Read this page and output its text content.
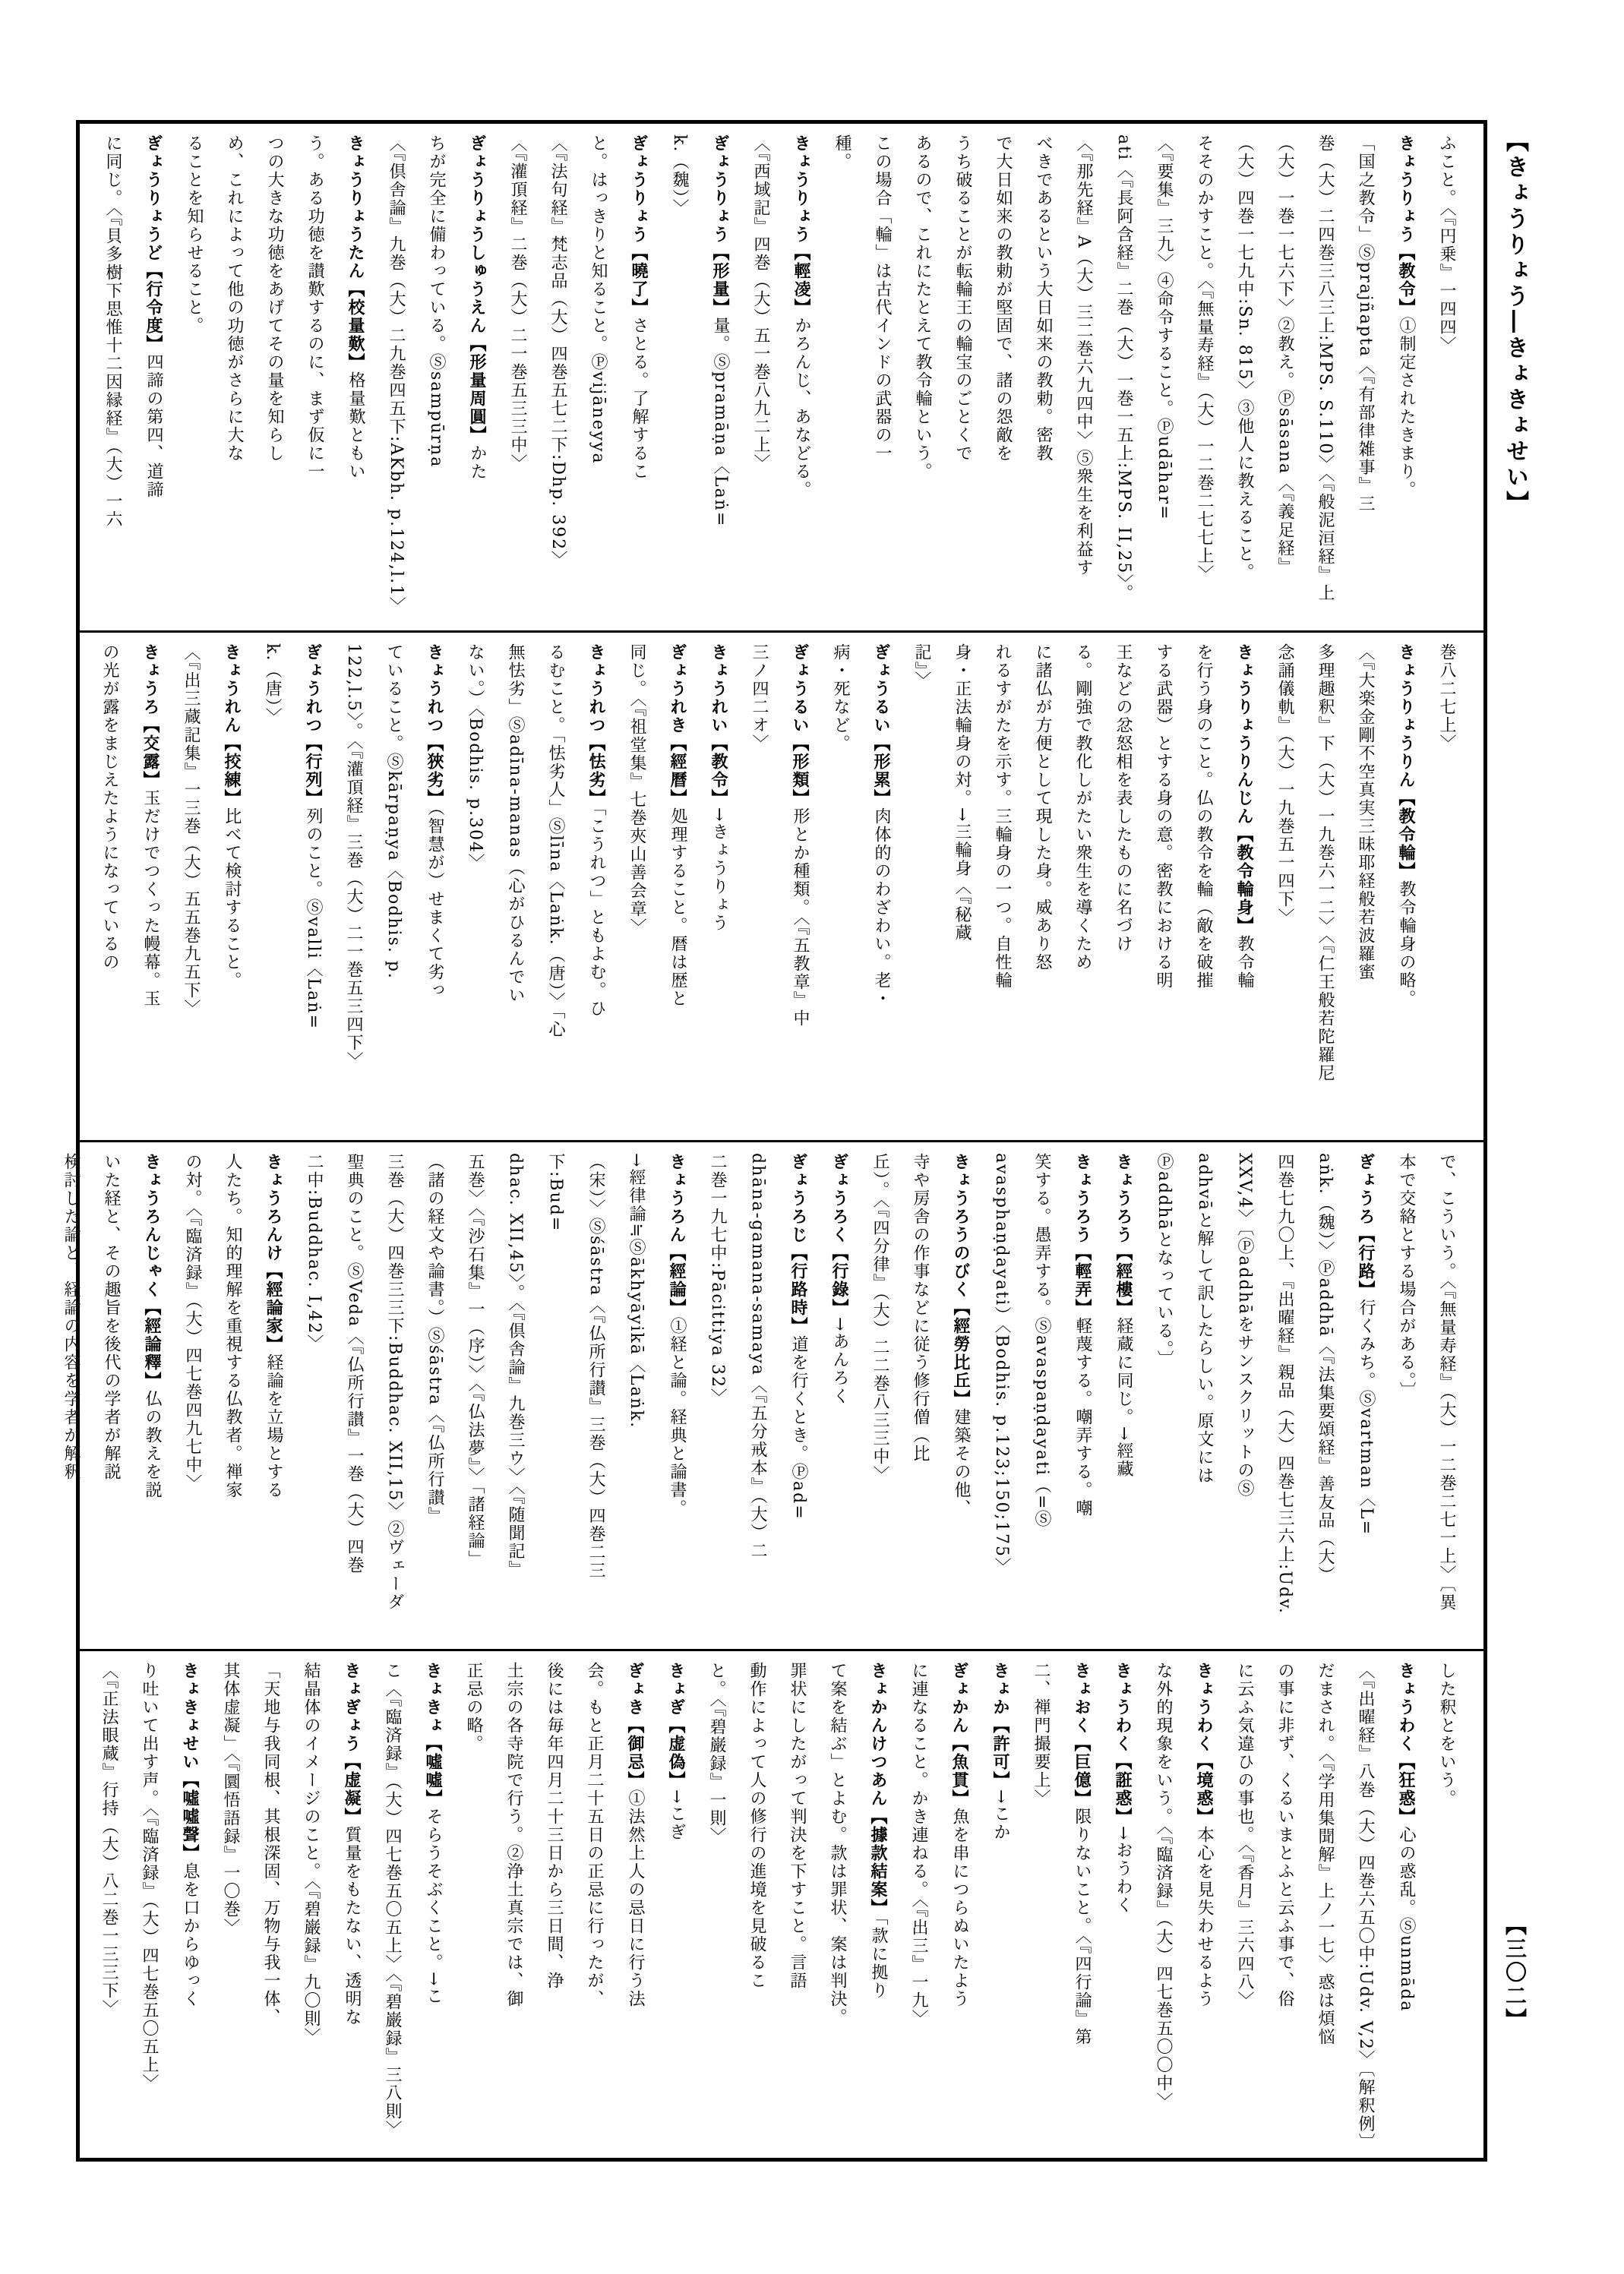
【きょうりょう―きょきょせい】
【三〇二】

ふこと。〈『円乗』一四四〉

きょうりょう【教令】①制定されたきまり。

「国之教令」Ⓢprajñapta〈『有部律雑事』三

巻（大）二四巻三八三上:MPS. S.110〉〈『般泥洹経』上

（大）一巻一七六下〉②教え。Ⓟsāsana〈『義足経』

（大）四巻一七九中:Sn. 815〉③他人に教えること。

そそのかすこと。〈『無量寿経』（大）一二巻二七七上〉

〈『要集』三九〉④命令すること。Ⓟudāhar=

ati〈『長阿含経』二巻（大）一巻一五上:MPS. II,25〉。

〈『那先経』A（大）三二巻六九四中〉⑤衆生を利益す

べきであるという大日如来の教勅。密教

で大日如来の教勅が堅固で、諸の怨敵を

うち破ることが転輪王の輪宝のごとくで

あるので、これにたとえて教令輪という。

この場合「輪」は古代インドの武器の一

種。

きょうりょう【輕凌】かろんじ、あなどる。

〈『西域記』四巻（大）五一巻八九二上〉

ぎょうりょう【形量】量。Ⓢpramāṇa〈Laṅ=

k.（魏）〉

ぎょうりょう【曉了】さとる。了解するこ

と。はっきりと知ること。Ⓟvijāneyya

〈『法句経』梵志品（大）四巻五七二下:Dhp. 392〉

〈『灌頂経』二巻（大）二一巻五三三中〉

ぎょうりょうしゅうえん【形量周圓】かた

ちが完全に備わっている。Ⓢsampūrṇa

〈『倶舎論』九巻（大）二九巻四五下:AKbh. p.124,l.1〉

きょうりょうたん【校量歎】格量歎ともい

う。ある功徳を讃歎するのに、まず仮に一

つの大きな功徳をあげてその量を知らし

め、これによって他の功徳がさらに大な

ることを知らせること。

ぎょうりょうど【行令度】四諦の第四、道諦

に同じ。〈『貝多樹下思惟十二因縁経』（大）一六

巻八二七上〉

きょうりょうりん【教令輪】教令輪身の略。

〈『大楽金剛不空真実三昧耶経般若波羅蜜

多理趣釈』下（大）一九巻六一二〉〈『仁王般若陀羅尼

念誦儀軌』（大）一九巻五一四下〉

きょうりょうりんじん【教令輪身】教令輪

を行う身のこと。仏の教令を輪（敵を破摧

する武器）とする身の意。密教における明

王などの忿怒相を表したものに名づけ

る。剛強で教化しがたい衆生を導くため

に諸仏が方便として現した身。威あり怒

れるすがたを示す。三輪身の一つ。自性輪

身・正法輪身の対。→三輪身〈『秘蔵

記』〉

ぎょうるい【形累】肉体的のわざわい。老・

病・死など。

ぎょうるい【形類】形とか種類。〈『五教章』中

三ノ四二オ〉

きょうれい【教令】→きょうりょう

ぎょうれき【經曆】処理すること。暦は歴と

同じ。〈『祖堂集』七巻夾山善会章〉

きょうれつ【怯劣】「こうれつ」ともよむ。ひ

るむこと。「怯劣人」Ⓢlīna〈Laṅk.（唐）〉「心

無怯劣」Ⓢadīna-manas（心がひるんでい

ない。）〈Bodhis. p.304〉

きょうれつ【狹劣】（智慧が）せまくて劣っ

ていること。Ⓢkārpaṇya〈Bodhis. p.

122,l.5〉。〈『灌頂経』三巻（大）二一巻五三四下〉

ぎょうれつ【行列】列のこと。Ⓢvalli〈Laṅ=

k.（唐）〉

きょうれん【挍練】比べて検討すること。

〈『出三蔵記集』一三巻（大）五五巻九五下〉

きょうろ【交露】玉だけでつくった幔幕。玉

の光が露をまじえたようになっているの

で、こういう。〈『無量寿経』（大）一二巻二七一上〉〔異

本で交絡とする場合がある。〕

ぎょうろ【行路】行くみち。Ⓢvartman〈L=

aṅk.（魏）〉Ⓟaddhā〈『法集要頌経』善友品（大）

四巻七九〇上、『出曜経』親品（大）四巻七三六上:Udv.

XXV,4〉〔ⓅaddhāをサンスクリットのⓈ

adhvāと解して訳したらしい。原文には

Ⓟaddhāとなっている。〕

きょうろう【經樓】経蔵に同じ。→經藏

きょうろう【輕弄】軽蔑する。嘲弄する。嘲

笑する。愚弄する。Ⓢavaspaṇḍayati（=Ⓢ

avasphaṇḍayati）〈Bodhis. p.123;150;175〉

きょうろうのびく【經勞比丘】建築その他、

寺や房舎の作事などに従う修行僧（比

丘）。〈『四分律』（大）二二巻八三三中〉

ぎょうろく【行錄】→あんろく

ぎょうろじ【行路時】道を行くとき。Ⓟad=

dhāna-gamana-samaya〈『五分戒本』（大）二

二巻一九七中:Pācittiya 32〉

きょうろん【經論】①経と論。経典と論書。

→經律論≒Ⓢākhyāyikā〈Laṅk.

（宋）〉Ⓢśāstra〈『仏所行讃』三巻（大）四巻二三下:Bud=

dhac. XII,45〉。〈『倶舎論』九巻三ウ〉〈『随聞記』

五巻〉〈『沙石集』一（序）〉〈『仏法夢』〉「諸経論」

（諸の経文や論書。）Ⓢśāstra〈『仏所行讃』

三巻（大）四巻三三下:Buddhac. XII,15〉②ヴェーダ

聖典のこと。ⓈVeda〈『仏所行讃』一巻（大）四巻

二中:Buddhac. I,42〉

きょうろんけ【經論家】経論を立場とする

人たち。知的理解を重視する仏教者。禅家

の対。〈『臨済録』（大）四七巻四九七中〉

きょうろんじゃく【經論釋】仏の教えを説

いた経と、その趣旨を後代の学者が解説

検討した論と、経論の内容を学者が解釈

した釈とをいう。

きょうわく【狂惑】心の惑乱。Ⓢunmāda

〈『出曜経』八巻（大）四巻六五〇中:Udv. V,2〉〔解釈例〕

だまされ。〈『学用集聞解』上ノ一七〉惑は煩悩

の事に非ず、くるいまとふと云ふ事で、俗

に云ふ気違ひの事也。〈『香月』三六四八〉

きょうわく【境惑】本心を見失わせるよう

な外的現象をいう。〈『臨済録』（大）四七巻五〇〇中〉

きょうわく【誑惑】→おうわく

きょおく【巨億】限りないこと。〈『四行論』第

二、禅門撮要上〉

きょか【許可】→こか

ぎょかん【魚貫】魚を串につらぬいたよう

に連なること。かき連ねる。〈『出三』一九〉

きょかんけつあん【據款結案】「款に拠り

て案を結ぶ」とよむ。款は罪状、案は判決。

罪状にしたがって判決を下すこと。言語

動作によって人の修行の進境を見破るこ

と。〈『碧巌録』一則〉

きょぎ【虚偽】→こぎ

ぎょき【御忌】①法然上人の忌日に行う法

会。もと正月二十五日の正忌に行ったが、

後には毎年四月二十三日から三日間、浄

土宗の各寺院で行う。②浄土真宗では、御

正忌の略。

きょきょ【噓噓】そらうそぶくこと。→こ

こ〈『臨済録』（大）四七巻五〇五上〉〈『碧巌録』三八則〉

きょぎょう【虚凝】質量をもたない、透明な

結晶体のイメージのこと。〈『碧巌録』九〇則〉

「天地与我同根、其根深固、万物与我一体、

其体虚凝」〈『圜悟語録』一〇巻〉

きょきょせい【噓噓聲】息を口からゆっく

り吐いて出す声。〈『臨済録』（大）四七巻五〇五上〉

〈『正法眼蔵』行持（大）八二巻一三三下〉
